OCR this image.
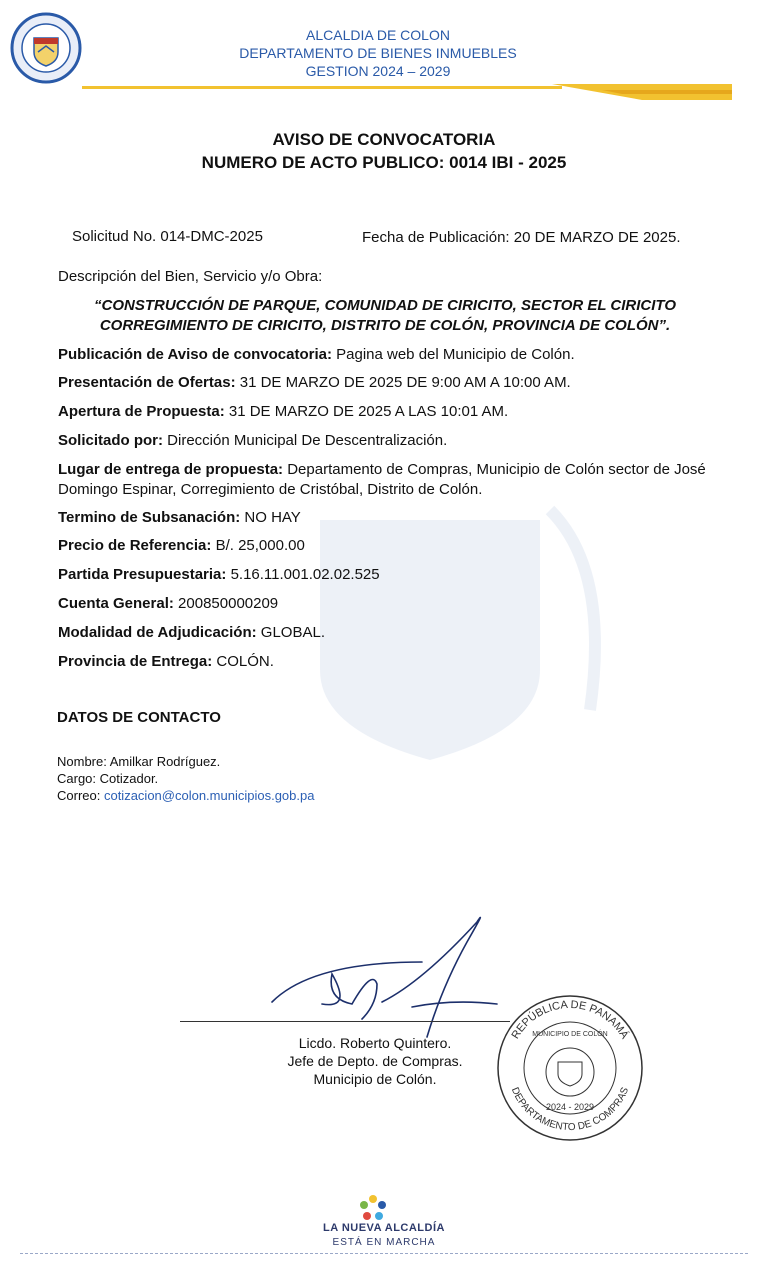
ALCALDIA DE COLON
DEPARTAMENTO DE BIENES INMUEBLES
GESTION 2024 – 2029
AVISO DE CONVOCATORIA
NUMERO DE ACTO PUBLICO: 0014 IBI - 2025
Solicitud No. 014-DMC-2025	Fecha de Publicación: 20 DE MARZO DE 2025.
Descripción del Bien, Servicio y/o Obra:
“CONSTRUCCIÓN DE PARQUE, COMUNIDAD DE CIRICITO, SECTOR EL CIRICITO
CORREGIMIENTO DE CIRICITO, DISTRITO DE COLÓN, PROVINCIA DE COLÓN”.
Publicación de Aviso de convocatoria: Pagina web del Municipio de Colón.
Presentación de Ofertas: 31 DE MARZO DE 2025 DE 9:00 AM A 10:00 AM.
Apertura de Propuesta: 31 DE MARZO DE 2025 A LAS 10:01 AM.
Solicitado por: Dirección Municipal De Descentralización.
Lugar de entrega de propuesta: Departamento de Compras, Municipio de Colón sector de José Domingo Espinar, Corregimiento de Cristóbal, Distrito de Colón.
Termino de Subsanación: NO HAY
Precio de Referencia: B/. 25,000.00
Partida Presupuestaria: 5.16.11.001.02.02.525
Cuenta General: 200850000209
Modalidad de Adjudicación: GLOBAL.
Provincia de Entrega: COLÓN.
DATOS DE CONTACTO
Nombre: Amilkar Rodríguez.
Cargo: Cotizador.
Correo: cotizacion@colon.municipios.gob.pa
Licdo. Roberto Quintero.
Jefe de Depto. de Compras.
Municipio de Colón.
REPÚBLICA DE PANAMÁ
DEPARTAMENTO DE COMPRAS
2024 - 2029
MUNICIPIO DE COLÓN
LA NUEVA ALCALDÍA
ESTÁ EN MARCHA
